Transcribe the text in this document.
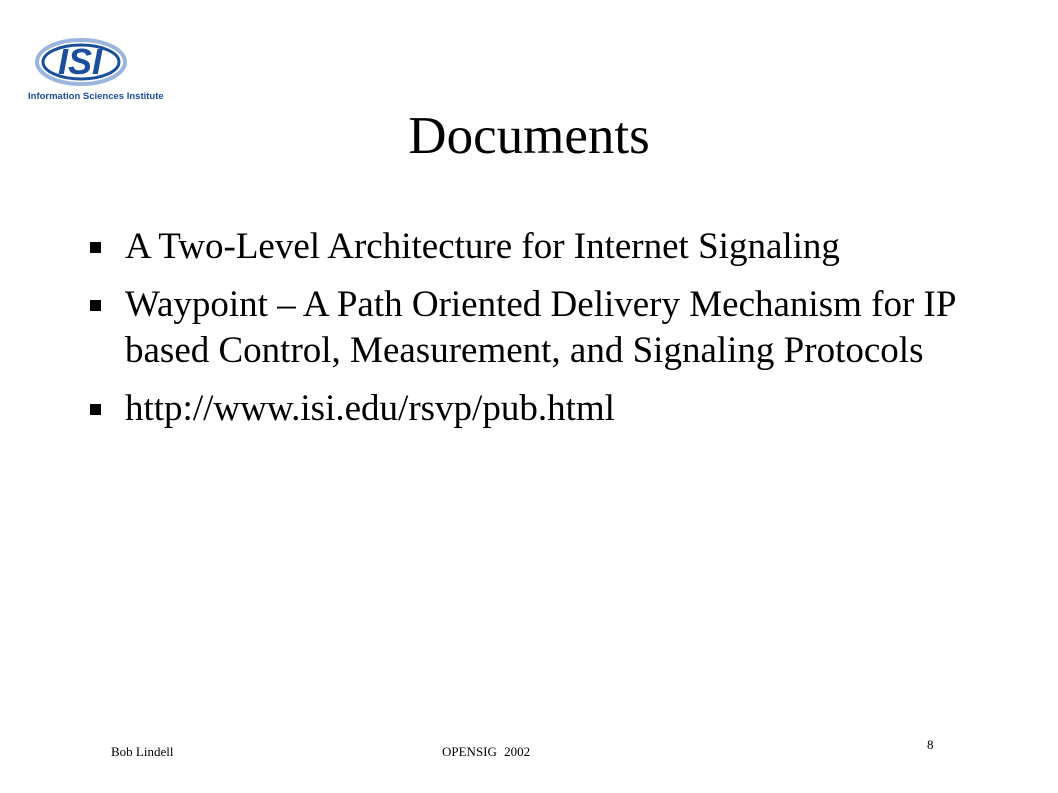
ISI
Information Sciences Institute
Documents
A Two-Level Architecture for Internet Signaling
Waypoint – A Path Oriented Delivery Mechanism for IP based Control, Measurement, and Signaling Protocols
http://www.isi.edu/rsvp/pub.html
Bob Lindell	OPENSIG 2002	8
